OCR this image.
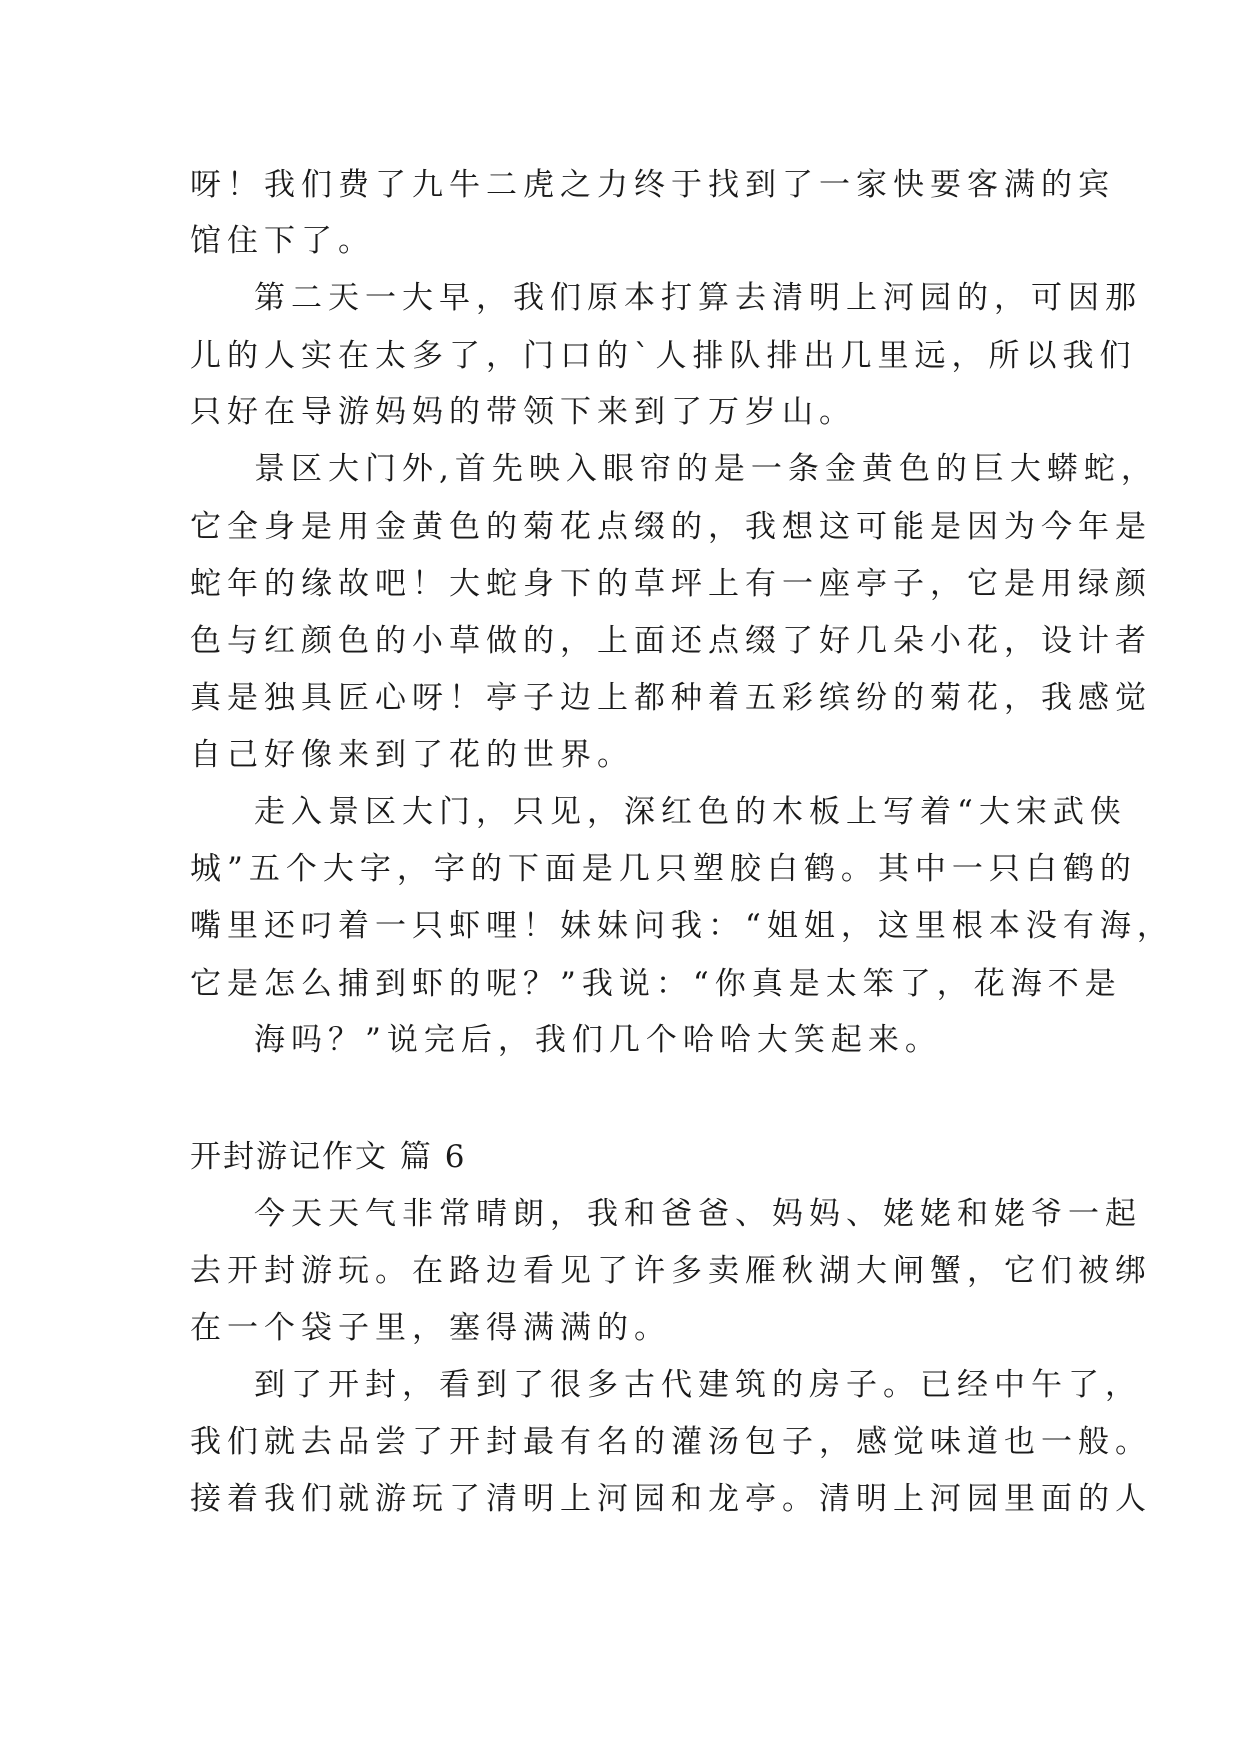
呀！我们费了九牛二虎之力终于找到了一家快要客满的宾

馆住下了。

第二天一大早，我们原本打算去清明上河园的，可因那

儿的人实在太多了，门口的`人排队排出几里远，所以我们

只好在导游妈妈的带领下来到了万岁山。

景区大门外,首先映入眼帘的是一条金黄色的巨大蟒蛇，

它全身是用金黄色的菊花点缀的，我想这可能是因为今年是

蛇年的缘故吧！大蛇身下的草坪上有一座亭子，它是用绿颜

色与红颜色的小草做的，上面还点缀了好几朵小花，设计者

真是独具匠心呀！亭子边上都种着五彩缤纷的菊花，我感觉

自己好像来到了花的世界。

走入景区大门，只见，深红色的木板上写着“大宋武侠

城”五个大字，字的下面是几只塑胶白鹤。其中一只白鹤的

嘴里还叼着一只虾哩！妹妹问我：“姐姐，这里根本没有海，

它是怎么捕到虾的呢？”我说：“你真是太笨了，花海不是

海吗？”说完后，我们几个哈哈大笑起来。

开封游记作文 篇 6

今天天气非常晴朗，我和爸爸、妈妈、姥姥和姥爷一起

去开封游玩。在路边看见了许多卖雁秋湖大闸蟹，它们被绑

在一个袋子里，塞得满满的。

到了开封，看到了很多古代建筑的房子。已经中午了，

我们就去品尝了开封最有名的灌汤包子，感觉味道也一般。

接着我们就游玩了清明上河园和龙亭。清明上河园里面的人
